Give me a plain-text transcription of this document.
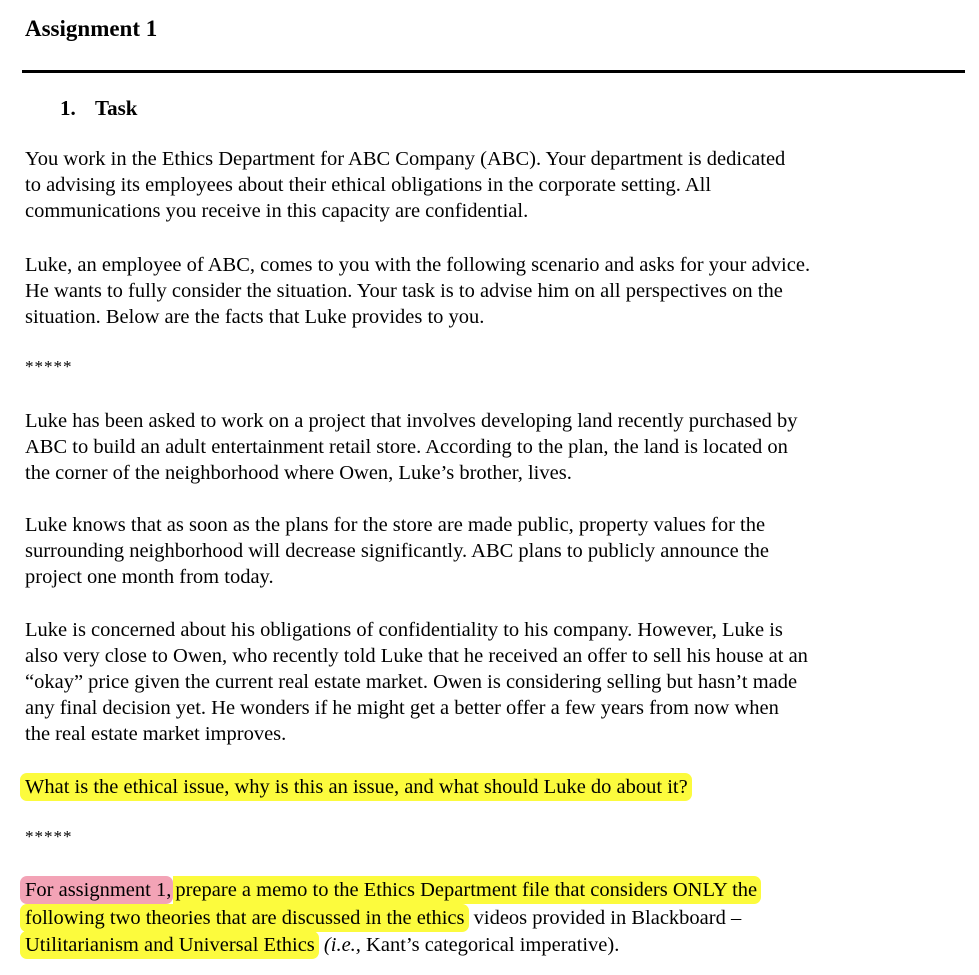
Assignment 1
1. Task
You work in the Ethics Department for ABC Company (ABC). Your department is dedicated
to advising its employees about their ethical obligations in the corporate setting. All
communications you receive in this capacity are confidential.
Luke, an employee of ABC, comes to you with the following scenario and asks for your advice.
He wants to fully consider the situation. Your task is to advise him on all perspectives on the
situation. Below are the facts that Luke provides to you.
*****
Luke has been asked to work on a project that involves developing land recently purchased by
ABC to build an adult entertainment retail store. According to the plan, the land is located on
the corner of the neighborhood where Owen, Luke’s brother, lives.
Luke knows that as soon as the plans for the store are made public, property values for the
surrounding neighborhood will decrease significantly. ABC plans to publicly announce the
project one month from today.
Luke is concerned about his obligations of confidentiality to his company. However, Luke is
also very close to Owen, who recently told Luke that he received an offer to sell his house at an
“okay” price given the current real estate market. Owen is considering selling but hasn’t made
any final decision yet. He wonders if he might get a better offer a few years from now when
the real estate market improves.
What is the ethical issue, why is this an issue, and what should Luke do about it?
*****
For assignment 1, prepare a memo to the Ethics Department file that considers ONLY the
following two theories that are discussed in the ethics videos provided in Blackboard –
Utilitarianism and Universal Ethics (i.e., Kant’s categorical imperative).
